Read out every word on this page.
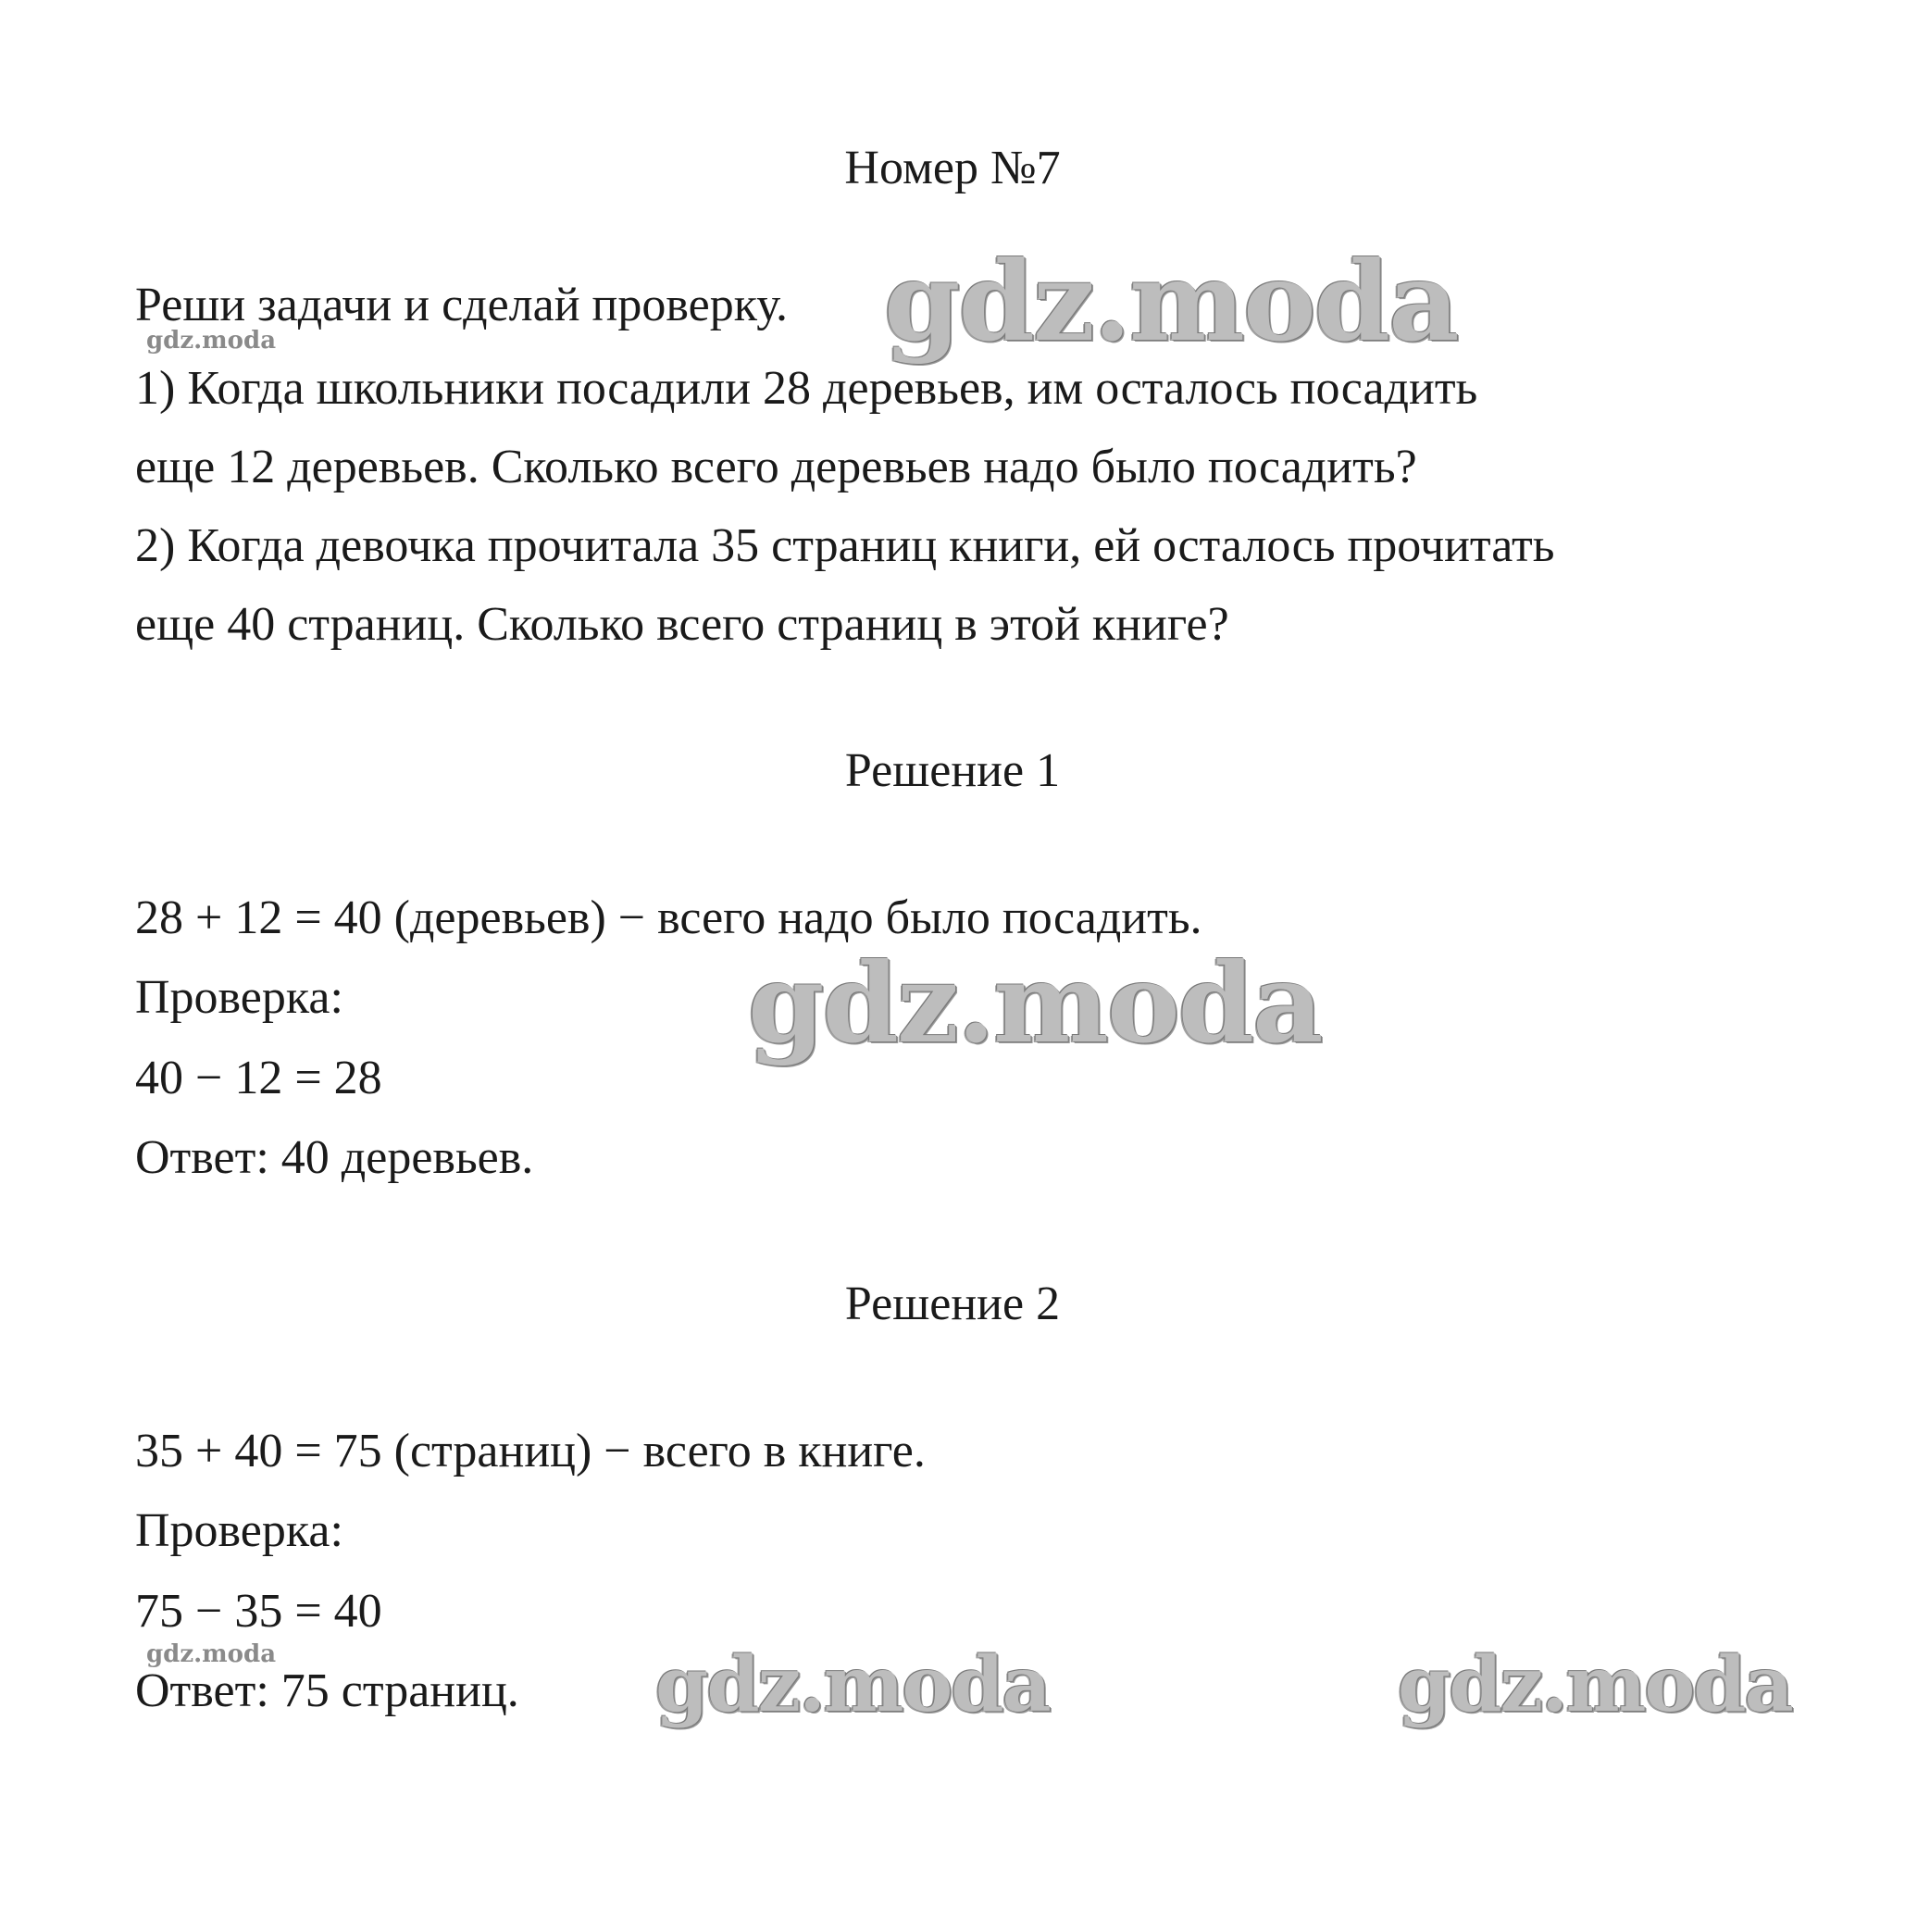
Номер №7
Реши задачи и сделай проверку.
1) Когда школьники посадили 28 деревьев, им осталось посадить
еще 12 деревьев. Сколько всего деревьев надо было посадить?
2) Когда девочка прочитала 35 страниц книги, ей осталось прочитать
еще 40 страниц. Сколько всего страниц в этой книге?
Решение 1
28 + 12 = 40 (деревьев) − всего надо было посадить.
Проверка:
40 − 12 = 28
Ответ: 40 деревьев.
Решение 2
35 + 40 = 75 (страниц) − всего в книге.
Проверка:
75 − 35 = 40
Ответ: 75 страниц.
gdz.moda
gdz.moda
gdz.moda
gdz.moda	gdz.moda	gdz.moda
